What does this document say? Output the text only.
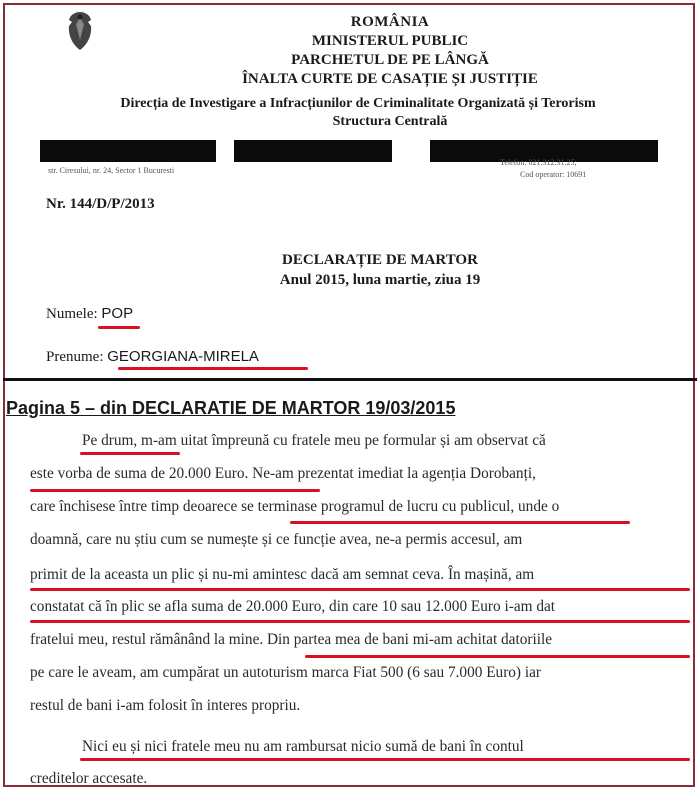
ROMÂNIA
MINISTERUL PUBLIC
PARCHETUL DE PE LÂNGĂ
ÎNALTA CURTE DE CASAȚIE ȘI JUSTIȚIE
Direcția de Investigare a Infracțiunilor de Criminalitate Organizată și Terorism
Structura Centrală
str. Ciresului, nr. 24, Sector 1 Bucuresti
Telefon: 021.312.31.25;
Cod operator: 10691
Nr. 144/D/P/2013
DECLARAȚIE DE MARTOR
Anul 2015, luna martie, ziua 19
Numele: POP
Prenume: GEORGIANA-MIRELA
Pagina 5 – din DECLARATIE DE MARTOR 19/03/2015
Pe drum, m-am uitat împreună cu fratele meu pe formular și am observat că
este vorba de suma de 20.000 Euro. Ne-am prezentat imediat la agenția Dorobanți,
care închisese între timp deoarece se terminase programul de lucru cu publicul, unde o
doamnă, care nu știu cum se numește și ce funcție avea, ne-a permis accesul, am
primit de la aceasta un plic și nu-mi amintesc dacă am semnat ceva. În mașină, am
constatat că în plic se afla suma de 20.000 Euro, din care 10 sau 12.000 Euro i-am dat
fratelui meu, restul rămânând la mine. Din partea mea de bani mi-am achitat datoriile
pe care le aveam, am cumpărat un autoturism marca Fiat 500 (6 sau 7.000 Euro) iar
restul de bani i-am folosit în interes propriu.
Nici eu și nici fratele meu nu am rambursat nicio sumă de bani în contul
creditelor accesate.
